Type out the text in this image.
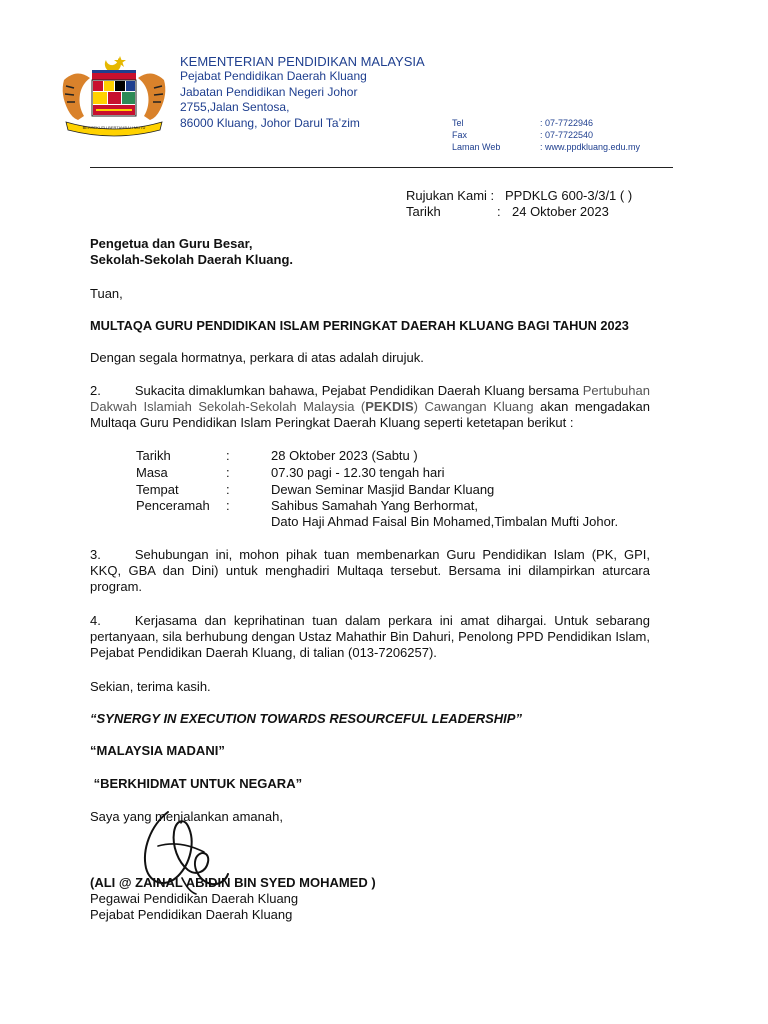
BERSEKUTU BERTAMBAH MUTU
KEMENTERIAN PENDIDIKAN MALAYSIA
Pejabat Pendidikan Daerah Kluang
Jabatan Pendidikan Negeri Johor
2755,Jalan Sentosa,
86000 Kluang, Johor Darul Ta’zim	Tel	: 07-7722946
Fax	: 07-7722540
Laman Web	: www.ppdkluang.edu.my
Rujukan Kami : PPDKLG 600-3/3/1 ( )
Tarikh	: 24 Oktober 2023
Pengetua dan Guru Besar,
Sekolah-Sekolah Daerah Kluang.
Tuan,
MULTAQA GURU PENDIDIKAN ISLAM PERINGKAT DAERAH KLUANG BAGI TAHUN 2023
Dengan segala hormatnya, perkara di atas adalah dirujuk.
2.	Sukacita dimaklumkan bahawa, Pejabat Pendidikan Daerah Kluang bersama Pertubuhan Dakwah Islamiah Sekolah-Sekolah Malaysia (PEKDIS) Cawangan Kluang akan mengadakan Multaqa Guru Pendidikan Islam Peringkat Daerah Kluang seperti ketetapan berikut :
Tarikh	:	28 Oktober 2023 (Sabtu )
Masa	:	07.30 pagi - 12.30 tengah hari
Tempat	:	Dewan Seminar Masjid Bandar Kluang
Penceramah :	Sahibus Samahah Yang Berhormat,
Dato Haji Ahmad Faisal Bin Mohamed,Timbalan Mufti Johor.
3.	Sehubungan ini, mohon pihak tuan membenarkan Guru Pendidikan Islam (PK, GPI, KKQ, GBA dan Dini) untuk menghadiri Multaqa tersebut. Bersama ini dilampirkan aturcara program.
4.	Kerjasama dan keprihatinan tuan dalam perkara ini amat dihargai. Untuk sebarang pertanyaan, sila berhubung dengan Ustaz Mahathir Bin Dahuri, Penolong PPD Pendidikan Islam, Pejabat Pendidikan Daerah Kluang, di talian (013-7206257).
Sekian, terima kasih.
“SYNERGY IN EXECUTION TOWARDS RESOURCEFUL LEADERSHIP”
“MALAYSIA MADANI”
“BERKHIDMAT UNTUK NEGARA”
Saya yang menjalankan amanah,
(ALI @ ZAINAL ABIDIN BIN SYED MOHAMED )
Pegawai Pendidikan Daerah Kluang
Pejabat Pendidikan Daerah Kluang
